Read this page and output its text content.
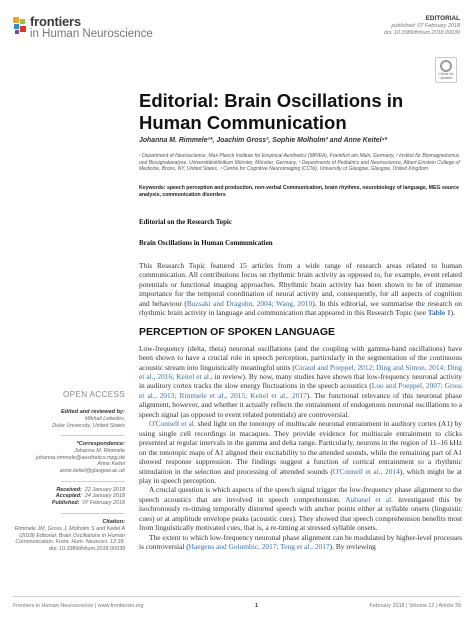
frontiers
in Human Neuroscience
EDITORIAL
published: 07 February 2018
doi: 10.3389/fnhum.2018.00039
Check for updates
Editorial: Brain Oscillations in Human Communication
Johanna M. Rimmele¹*, Joachim Gross², Sophie Molholm³ and Anne Keitel⁴*
¹ Department of Neuroscience, Max Planck Institute for Empirical Aesthetics (MPIEA), Frankfurt am Main, Germany, ² Institut für Biomagnetismus und Biosignalanalyse, Universitätsklinikum Münster, Münster, Germany, ³ Departments of Pediatrics and Neuroscience, Albert Einstein College of Medicine, Bronx, NY, United States, ⁴ Centre for Cognitive Neuroimaging (CCNi), University of Glasgow, Glasgow, United Kingdom
Keywords: speech perception and production, non-verbal Communication, brain rhythms, neurobiology of language, MEG source analysis, communication disorders
Editorial on the Research Topic
Brain Oscillations in Human Communication

This Research Topic featured 15 articles from a wide range of research areas related to human communication. All contributions focus on rhythmic brain activity as opposed to, for example, event related potentials or functional imaging approaches. Rhythmic brain activity has been shown to be of immense importance for the temporal coordination of neural activity and, consequently, for all aspects of cognition and behaviour (Buzsaki and Draguhn, 2004; Wang, 2010). In this editorial, we summarise the research on rhythmic brain activity in language and communication that appeared in this Research Topic (see Table 1).

PERCEPTION OF SPOKEN LANGUAGE

Low-frequency (delta, theta) neuronal oscillations (and the coupling with gamma-band oscillations) have been shown to have a crucial role in speech perception, particularly in the segmentation of the continuous acoustic stream into linguistically meaningful units (Giraud and Poeppel, 2012; Ding and Simon, 2014; Ding et al., 2016; Keitel et al., in review). By now, many studies have shown that low-frequency neuronal activity in auditory cortex tracks the slow energy fluctuations in the speech acoustics (Luo and Poeppel, 2007; Gross et al., 2013; Rimmele et al., 2015; Keitel et al., 2017). The functional relevance of this neuronal phase alignment, however, and whether it actually reflects the entrainment of endogenous neuronal oscillations to a speech signal (as opposed to event related potentials) are controversial.

O'Connell et al. shed light on the tonotopy of multiscale neuronal entrainment in auditory cortex (A1) by using single cell recordings in macaques. They provide evidence for multiscale entrainment to clicks presented at regular intervals in the gamma and delta range. Particularly, neurons in the region of 11–16 kHz on the tonotopic maps of A1 aligned their excitability to the attended sounds, while the remaining part of A1 showed response suppression. The findings suggest a function of cortical entrainment to a rhythmic stimulation in the selection and processing of attended sounds (O'Connell et al., 2014), which might be at play in speech perception.

A crucial question is which aspects of the speech signal trigger the low-frequency phase alignment to the speech acoustics that are involved in speech comprehension. Aubanel et al. investigated this by isochronously re-timing temporally distorted speech with anchor points either at syllable onsets (linguistic cues) or at amplitude envelope peaks (acoustic cues). They showed that speech comprehension benefits most from linguistically motivated cues, that is, a re-timing at stressed syllable onsets.

The extent to which low-frequency neuronal phase alignment can be modulated by higher-level processes is controversial (Haegens and Golumbic, 2017; Teng et al., 2017). By reviewing

OPEN ACCESS
Edited and reviewed by:
Mikhail Lebedev,
Duke University, United States
*Correspondence:
Johanna M. Rimmele
johanna.rimmele@aesthetics.mpg.de
Anne Keitel
anne.keitel@glasgow.ac.uk
Received: 22 January 2018
Accepted: 24 January 2018
Published: 07 February 2018
Citation:
Rimmele JM, Gross J, Molholm S and Keitel A (2018) Editorial: Brain Oscillations in Human Communication. Front. Hum. Neurosci. 12:39. doi: 10.3389/fnhum.2018.00039
Frontiers in Human Neuroscience | www.frontiersin.org	1	February 2018 | Volume 12 | Article 39
